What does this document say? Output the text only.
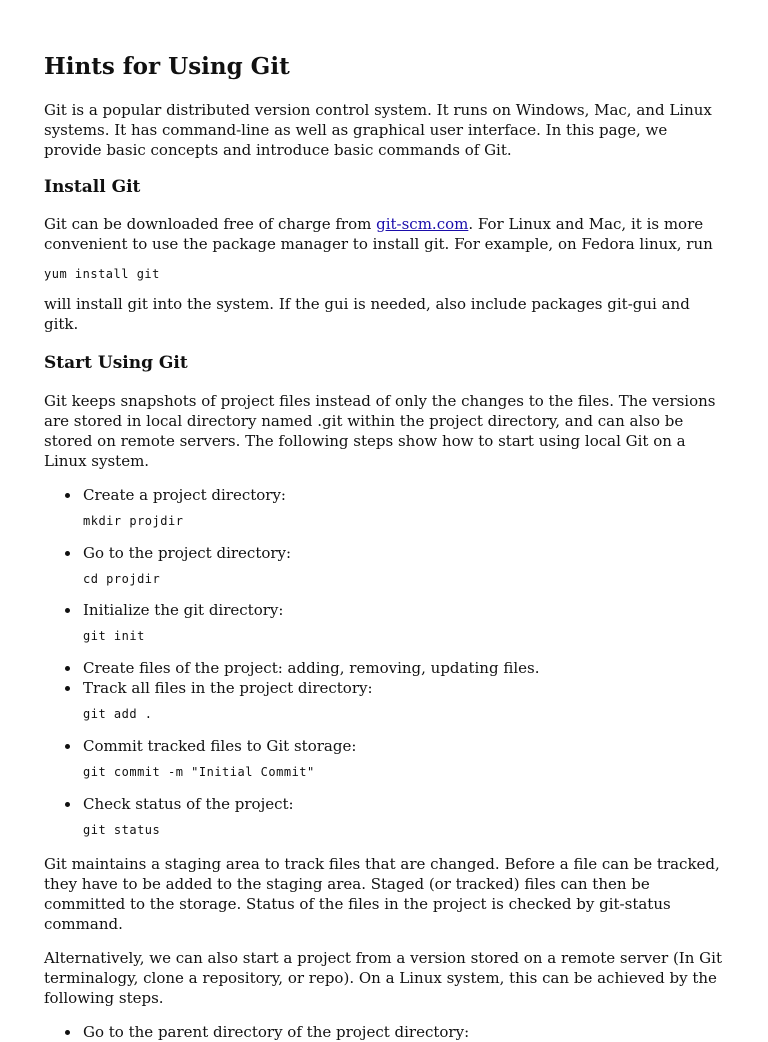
Hints for Using Git

Git is a popular distributed version control system. It runs on Windows, Mac, and Linux systems. It has command-line as well as graphical user interface. In this page, we provide basic concepts and introduce basic commands of Git.

Install Git

Git can be downloaded free of charge from git-scm.com. For Linux and Mac, it is more convenient to use the package manager to install git. For example, on Fedora linux, run

yum install git

will install git into the system. If the gui is needed, also include packages git-gui and gitk.

Start Using Git

Git keeps snapshots of project files instead of only the changes to the files. The versions are stored in local directory named .git within the project directory, and can also be stored on remote servers. The following steps show how to start using local Git on a Linux system.

Create a project directory:
mkdir projdir
Go to the project directory:
cd projdir
Initialize the git directory:
git init
Create files of the project: adding, removing, updating files.
Track all files in the project directory:
git add .
Commit tracked files to Git storage:
git commit -m "Initial Commit"
Check status of the project:
git status

Git maintains a staging area to track files that are changed. Before a file can be tracked, they have to be added to the staging area. Staged (or tracked) files can then be committed to the storage. Status of the files in the project is checked by git-status command.

Alternatively, we can also start a project from a version stored on a remote server (In Git terminalogy, clone a repository, or repo). On a Linux system, this can be achieved by the following steps.

Go to the parent directory of the project directory:
